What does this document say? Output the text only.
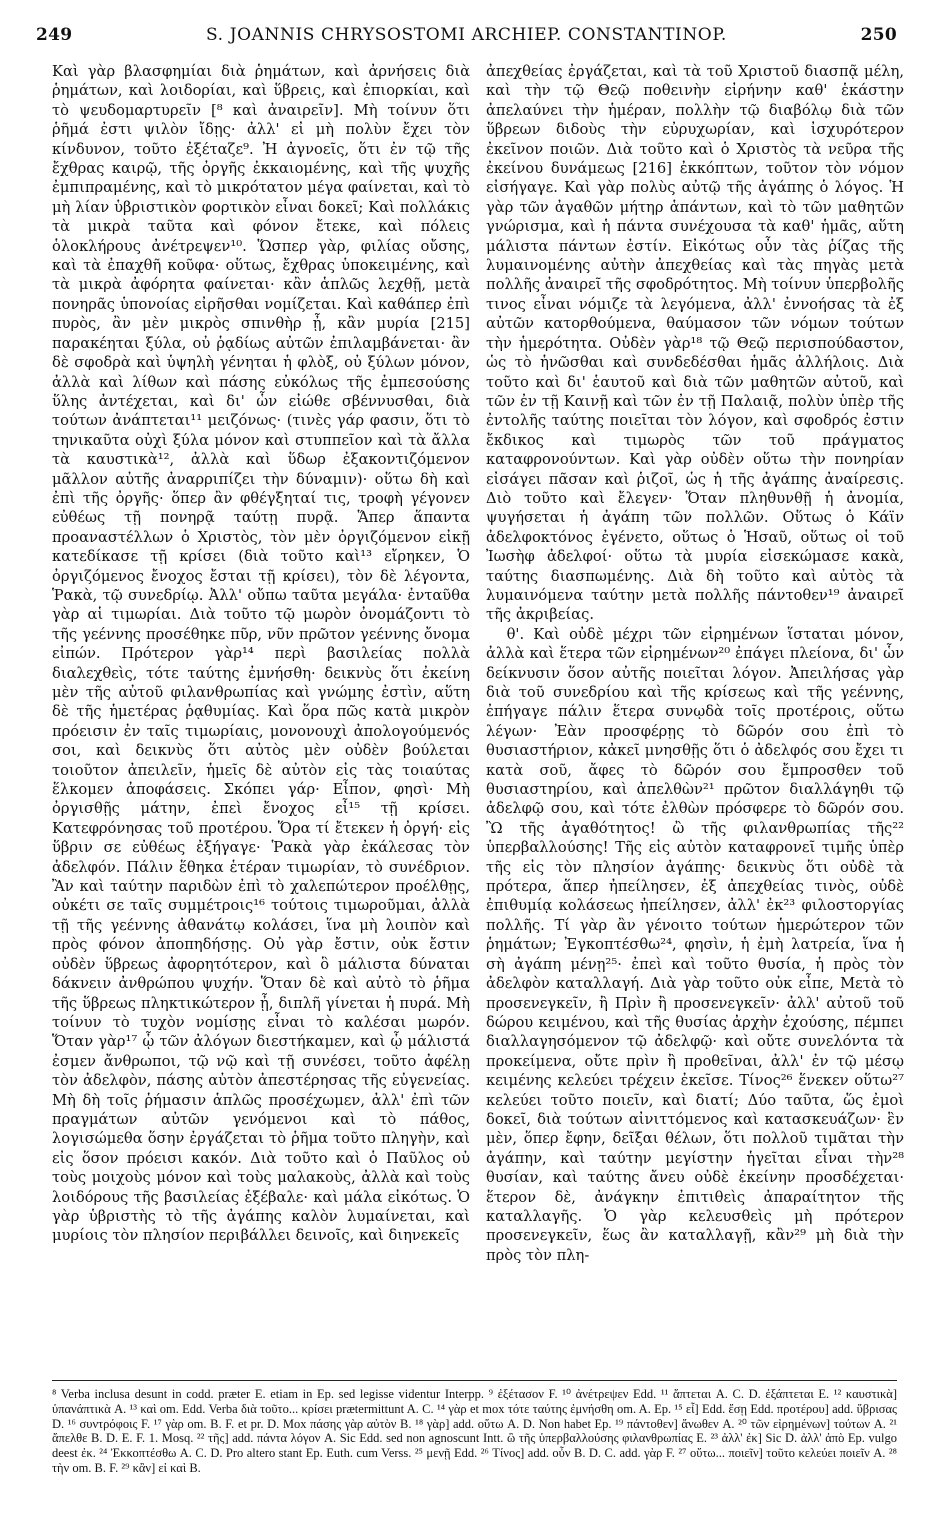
249	S. JOANNIS CHRYSOSTOMI ARCHIEP. CONSTANTINOP.	250

Καὶ γὰρ βλασφημίαι διὰ ῥημάτων, καὶ ἀρνήσεις διὰ ῥημάτων, καὶ λοιδορίαι, καὶ ὕβρεις, καὶ ἐπιορκίαι, καὶ τὸ ψευδομαρτυρεῖν [⁸ καὶ ἀναιρεῖν]. Μὴ τοίνυν ὅτι ῥῆμά ἐστι ψιλὸν ἴδῃς· ἀλλ' εἰ μὴ πολὺν ἔχει τὸν κίνδυνον, τοῦτο ἐξέταζε⁹. Ἠ ἀγνοεῖς, ὅτι ἐν τῷ τῆς ἔχθρας καιρῷ, τῆς ὀργῆς ἐκκαιομένης, καὶ τῆς ψυχῆς ἐμπιπραμένης, καὶ τὸ μικρότατον μέγα φαίνεται, καὶ τὸ μὴ λίαν ὑβριστικὸν φορτικὸν εἶναι δοκεῖ; Καὶ πολλάκις τὰ μικρὰ ταῦτα καὶ φόνον ἔτεκε, καὶ πόλεις ὁλοκλήρους ἀνέτρεψεν¹⁰. Ὥσπερ γὰρ, φιλίας οὔσης, καὶ τὰ ἐπαχθῆ κοῦφα· οὕτως, ἔχθρας ὑποκειμένης, καὶ τὰ μικρὰ ἀφόρητα φαίνεται· κἂν ἁπλῶς λεχθῇ, μετὰ πονηρᾶς ὑπονοίας εἰρῆσθαι νομίζεται. Καὶ καθάπερ ἐπὶ πυρὸς, ἂν μὲν μικρὸς σπινθὴρ ᾖ, κἂν μυρία [215] παρακέηται ξύλα, οὐ ῥᾳδίως αὐτῶν ἐπιλαμβάνεται· ἂν δὲ σφοδρὰ καὶ ὑψηλὴ γένηται ἡ φλὸξ, οὐ ξύλων μόνον, ἀλλὰ καὶ λίθων καὶ πάσης εὐκόλως τῆς ἐμπεσούσης ὕλης ἀντέχεται, καὶ δι' ὧν εἰώθε σβέννυσθαι, διὰ τούτων ἀνάπτεται¹¹ μειζόνως· (τινὲς γάρ φασιν, ὅτι τὸ τηνικαῦτα οὐχὶ ξύλα μόνον καὶ στυππεῖον καὶ τὰ ἄλλα τὰ καυστικὰ¹², ἀλλὰ καὶ ὕδωρ ἐξακοντιζόμενον μᾶλλον αὐτῆς ἀναρριπίζει τὴν δύναμιν)· οὕτω δὴ καὶ ἐπὶ τῆς ὀργῆς· ὅπερ ἂν φθέγξηταί τις, τροφὴ γέγονεν εὐθέως τῇ πονηρᾷ ταύτῃ πυρᾷ. Ἅπερ ἅπαντα προαναστέλλων ὁ Χριστὸς, τὸν μὲν ὀργιζόμενον εἰκῇ κατεδίκασε τῇ κρίσει (διὰ τοῦτο καὶ¹³ εἴρηκεν, Ὁ ὀργιζόμενος ἔνοχος ἔσται τῇ κρίσει), τὸν δὲ λέγοντα, Ῥακὰ, τῷ συνεδρίῳ. Ἀλλ' οὔπω ταῦτα μεγάλα· ἐνταῦθα γὰρ αἱ τιμωρίαι. Διὰ τοῦτο τῷ μωρὸν ὀνομάζοντι τὸ τῆς γεέννης προσέθηκε πῦρ, νῦν πρῶτον γεέννης ὄνομα εἰπών. Πρότερον γὰρ¹⁴ περὶ βασιλείας πολλὰ διαλεχθεὶς, τότε ταύτης ἐμνήσθη· δεικνὺς ὅτι ἐκείνη μὲν τῆς αὐτοῦ φιλανθρωπίας καὶ γνώμης ἐστὶν, αὕτη δὲ τῆς ἡμετέρας ῥᾳθυμίας. Καὶ ὅρα πῶς κατὰ μικρὸν πρόεισιν ἐν ταῖς τιμωρίαις, μονονουχὶ ἀπολογούμενός σοι, καὶ δεικνὺς ὅτι αὐτὸς μὲν οὐδὲν βούλεται τοιοῦτον ἀπειλεῖν, ἡμεῖς δὲ αὐτὸν εἰς τὰς τοιαύτας ἕλκομεν ἀποφάσεις. Σκόπει γάρ· Εἶπον, φησὶ· Μὴ ὀργισθῇς μάτην, ἐπεὶ ἔνοχος εἶ¹⁵ τῇ κρίσει. Κατεφρόνησας τοῦ προτέρου. Ὅρα τί ἔτεκεν ἡ ὀργή· εἰς ὕβριν σε εὐθέως ἐξήγαγε· Ῥακὰ γὰρ ἐκάλεσας τὸν ἀδελφόν. Πάλιν ἕθηκα ἑτέραν τιμωρίαν, τὸ συνέδριον. Ἂν καὶ ταύτην παριδὼν ἐπὶ τὸ χαλεπώτερον προέλθῃς, οὐκέτι σε ταῖς συμμέτροις¹⁶ τούτοις τιμωροῦμαι, ἀλλὰ τῇ τῆς γεέννης ἀθανάτῳ κολάσει, ἵνα μὴ λοιπὸν καὶ πρὸς φόνον ἀποπηδήσῃς. Οὐ γὰρ ἔστιν, οὐκ ἔστιν οὐδὲν ὕβρεως ἀφορητότερον, καὶ ὃ μάλιστα δύναται δάκνειν ἀνθρώπου ψυχήν. Ὅταν δὲ καὶ αὐτὸ τὸ ῥῆμα τῆς ὕβρεως πληκτικώτερον ᾖ, διπλῆ γίνεται ἡ πυρά. Μὴ τοίνυν τὸ τυχὸν νομίσῃς εἶναι τὸ καλέσαι μωρόν. Ὅταν γὰρ¹⁷ ᾧ τῶν ἀλόγων διεστήκαμεν, καὶ ᾧ μάλιστά ἐσμεν ἄνθρωποι, τῷ νῷ καὶ τῇ συνέσει, τοῦτο ἀφέλῃ τὸν ἀδελφὸν, πάσης αὐτὸν ἀπεστέρησας τῆς εὐγενείας. Μὴ δὴ τοῖς ῥήμασιν ἁπλῶς προσέχωμεν, ἀλλ' ἐπὶ τῶν πραγμάτων αὐτῶν γενόμενοι καὶ τὸ πάθος, λογισώμεθα ὅσην ἐργάζεται τὸ ῥῆμα τοῦτο πληγὴν, καὶ εἰς ὅσον πρόεισι κακόν. Διὰ τοῦτο καὶ ὁ Παῦλος οὐ τοὺς μοιχοὺς μόνον καὶ τοὺς μαλακοὺς, ἀλλὰ καὶ τοὺς λοιδόρους τῆς βασιλείας ἐξέβαλε· καὶ μάλα εἰκότως. Ὁ γὰρ ὑβριστὴς τὸ τῆς ἀγάπης καλὸν λυμαίνεται, καὶ μυρίοις τὸν πλησίον περιβάλλει δεινοῖς, καὶ διηνεκεῖς

ἀπεχθείας ἐργάζεται, καὶ τὰ τοῦ Χριστοῦ διασπᾷ μέλη, καὶ τὴν τῷ Θεῷ ποθεινὴν εἰρήνην καθ' ἑκάστην ἀπελαύνει τὴν ἡμέραν, πολλὴν τῷ διαβόλῳ διὰ τῶν ὕβρεων διδοὺς τὴν εὐρυχωρίαν, καὶ ἰσχυρότερον ἐκεῖνον ποιῶν. Διὰ τοῦτο καὶ ὁ Χριστὸς τὰ νεῦρα τῆς ἐκείνου δυνάμεως [216] ἐκκόπτων, τοῦτον τὸν νόμον εἰσήγαγε. Καὶ γὰρ πολὺς αὐτῷ τῆς ἀγάπης ὁ λόγος. Ἡ γὰρ τῶν ἀγαθῶν μήτηρ ἁπάντων, καὶ τὸ τῶν μαθητῶν γνώρισμα, καὶ ἡ πάντα συνέχουσα τὰ καθ' ἡμᾶς, αὕτη μάλιστα πάντων ἐστίν. Εἰκότως οὖν τὰς ῥίζας τῆς λυμαινομένης αὐτὴν ἀπεχθείας καὶ τὰς πηγὰς μετὰ πολλῆς ἀναιρεῖ τῆς σφοδρότητος. Μὴ τοίνυν ὑπερβολῆς τινος εἶναι νόμιζε τὰ λεγόμενα, ἀλλ' ἐννοήσας τὰ ἐξ αὐτῶν κατορθούμενα, θαύμασον τῶν νόμων τούτων τὴν ἡμερότητα. Οὐδὲν γὰρ¹⁸ τῷ Θεῷ περισπούδαστον, ὡς τὸ ἡνῶσθαι καὶ συνδεδέσθαι ἡμᾶς ἀλλήλοις. Διὰ τοῦτο καὶ δι' ἑαυτοῦ καὶ διὰ τῶν μαθητῶν αὐτοῦ, καὶ τῶν ἐν τῇ Καινῇ καὶ τῶν ἐν τῇ Παλαιᾷ, πολὺν ὑπὲρ τῆς ἐντολῆς ταύτης ποιεῖται τὸν λόγον, καὶ σφοδρός ἐστιν ἔκδικος καὶ τιμωρὸς τῶν τοῦ πράγματος καταφρονούντων. Καὶ γὰρ οὐδὲν οὕτω τὴν πονηρίαν εἰσάγει πᾶσαν καὶ ῥιζοῖ, ὡς ἡ τῆς ἀγάπης ἀναίρεσις. Διὸ τοῦτο καὶ ἔλεγεν· Ὅταν πληθυνθῇ ἡ ἀνομία, ψυγήσεται ἡ ἀγάπη τῶν πολλῶν. Οὕτως ὁ Κάϊν ἀδελφοκτόνος ἐγένετο, οὕτως ὁ Ἡσαῦ, οὕτως οἱ τοῦ Ἰωσὴφ ἀδελφοί· οὕτω τὰ μυρία εἰσεκώμασε κακὰ, ταύτης διασπωμένης. Διὰ δὴ τοῦτο καὶ αὐτὸς τὰ λυμαινόμενα ταύτην μετὰ πολλῆς πάντοθεν¹⁹ ἀναιρεῖ τῆς ἀκριβείας.

θ'. Καὶ οὐδὲ μέχρι τῶν εἰρημένων ἵσταται μόνον, ἀλλὰ καὶ ἕτερα τῶν εἰρημένων²⁰ ἐπάγει πλείονα, δι' ὧν δείκνυσιν ὅσον αὐτῆς ποιεῖται λόγον. Ἀπειλήσας γὰρ διὰ τοῦ συνεδρίου καὶ τῆς κρίσεως καὶ τῆς γεέννης, ἐπήγαγε πάλιν ἕτερα συνῳδὰ τοῖς προτέροις, οὕτω λέγων· Ἐὰν προσφέρῃς τὸ δῶρόν σου ἐπὶ τὸ θυσιαστήριον, κἀκεῖ μνησθῇς ὅτι ὁ ἀδελφός σου ἔχει τι κατὰ σοῦ, ἄφες τὸ δῶρόν σου ἔμπροσθεν τοῦ θυσιαστηρίου, καὶ ἀπελθὼν²¹ πρῶτον διαλλάγηθι τῷ ἀδελφῷ σου, καὶ τότε ἐλθὼν πρόσφερε τὸ δῶρόν σου. Ὢ τῆς ἀγαθότητος! ὢ τῆς φιλανθρωπίας τῆς²² ὑπερβαλλούσης! Τῆς εἰς αὐτὸν καταφρονεῖ τιμῆς ὑπὲρ τῆς εἰς τὸν πλησίον ἀγάπης· δεικνὺς ὅτι οὐδὲ τὰ πρότερα, ἅπερ ἠπείλησεν, ἐξ ἀπεχθείας τινὸς, οὐδὲ ἐπιθυμίᾳ κολάσεως ἠπείλησεν, ἀλλ' ἐκ²³ φιλοστοργίας πολλῆς. Τί γὰρ ἂν γένοιτο τούτων ἡμερώτερον τῶν ῥημάτων; Ἐγκοπτέσθω²⁴, φησὶν, ἡ ἐμὴ λατρεία, ἵνα ἡ σὴ ἀγάπη μένῃ²⁵· ἐπεὶ καὶ τοῦτο θυσία, ἡ πρὸς τὸν ἀδελφὸν καταλλαγή. Διὰ γὰρ τοῦτο οὐκ εἶπε, Μετὰ τὸ προσενεγκεῖν, ἢ Πρὶν ἢ προσενεγκεῖν· ἀλλ' αὐτοῦ τοῦ δώρου κειμένου, καὶ τῆς θυσίας ἀρχὴν ἐχούσης, πέμπει διαλλαγησόμενον τῷ ἀδελφῷ· καὶ οὔτε συνελόντα τὰ προκείμενα, οὔτε πρὶν ἢ προθεῖναι, ἀλλ' ἐν τῷ μέσῳ κειμένης κελεύει τρέχειν ἐκεῖσε. Τίνος²⁶ ἕνεκεν οὕτω²⁷ κελεύει τοῦτο ποιεῖν, καὶ διατί; Δύο ταῦτα, ὥς ἐμοὶ δοκεῖ, διὰ τούτων αἰνιττόμενος καὶ κατασκευάζων· ἓν μὲν, ὅπερ ἔφην, δεῖξαι θέλων, ὅτι πολλοῦ τιμᾶται τὴν ἀγάπην, καὶ ταύτην μεγίστην ἡγεῖται εἶναι τὴν²⁸ θυσίαν, καὶ ταύτης ἄνευ οὐδὲ ἐκείνην προσδέχεται· ἕτερον δὲ, ἀνάγκην ἐπιτιθεὶς ἀπαραίτητον τῆς καταλλαγῆς. Ὁ γὰρ κελευσθεὶς μὴ πρότερον προσενεγκεῖν, ἕως ἂν καταλλαγῇ, κἂν²⁹ μὴ διὰ τὴν πρὸς τὸν πλη-

⁸ Verba inclusa desunt in codd. præter E. etiam in Ep. sed legisse videntur Interpp. ⁹ ἐξέτασον F. ¹⁰ ἀνέτρεψεν Edd. ¹¹ ἅπτεται A. C. D. ἐξάπτεται E. ¹² καυστικὰ] ὑπανάπτικὰ A. ¹³ καὶ om. Edd. Verba διὰ τοῦτο... κρίσει prætermittunt A. C. ¹⁴ γὰρ et mox τότε ταύτης ἐμνήσθη om. A. Ep. ¹⁵ εἶ] Edd. ἔσῃ Edd. προτέρου] add. ὕβρισας D. ¹⁶ συντρόφοις F. ¹⁷ γὰρ om. B. F. et pr. D. Mox πάσης γὰρ αὐτὸν B. ¹⁸ γὰρ] add. οὕτω A. D. Non habet Ep. ¹⁹ πάντοθεν] ἄνωθεν A. ²⁰ τῶν εἰρημένων] τούτων A. ²¹ ἄπελθε B. D. E. F. 1. Mosq. ²² τῆς] add. πάντα λόγον A. Sic Edd. sed non agnoscunt Intt. ὢ τῆς ὑπερβαλλούσης φιλανθρωπίας E. ²³ ἀλλ' ἐκ] Sic D. ἀλλ' ἀπὸ Ep. vulgo deest ἐκ. ²⁴ Ἐκκοπτέσθω A. C. D. Pro altero stant Ep. Euth. cum Verss. ²⁵ μενῇ Edd. ²⁶ Τίνος] add. οὖν B. D. C. add. γὰρ F. ²⁷ οὕτω... ποιεῖν] τοῦτο κελεύει ποιεῖν A. ²⁸ τὴν om. B. F. ²⁹ κἂν] εἰ καὶ B.
